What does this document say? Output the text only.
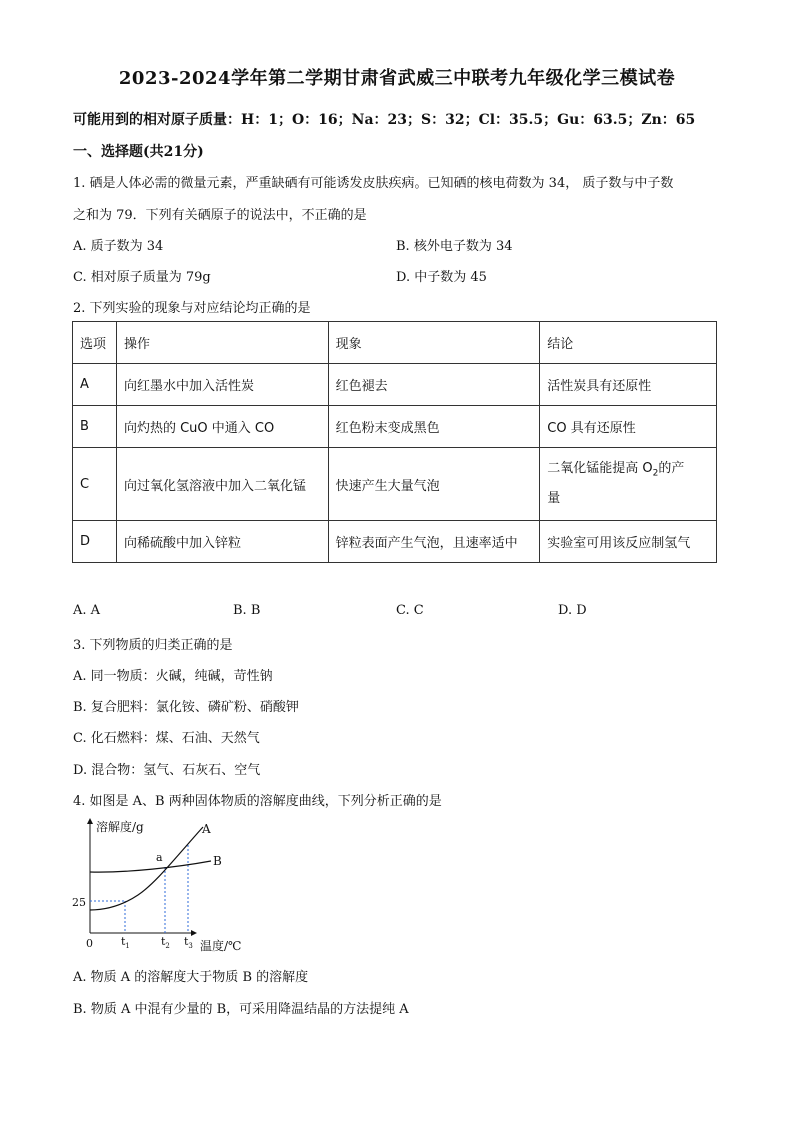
2023-2024学年第二学期甘肃省武威三中联考九年级化学三模试卷
可能用到的相对原子质量：H：1；O：16；Na：23；S：32；Cl：35.5；Gu：63.5；Zn：65
一、选择题(共21分)
1. 硒是人体必需的微量元素，严重缺硒有可能诱发皮肤疾病。已知硒的核电荷数为 34， 质子数与中子数
之和为 79．下列有关硒原子的说法中，不正确的是
A. 质子数为 34	B. 核外电子数为 34
C. 相对原子质量为 79g	D. 中子数为 45
2. 下列实验的现象与对应结论均正确的是
选项	操作	现象	结论
A	向红墨水中加入活性炭	红色褪去	活性炭具有还原性
B	向灼热的 CuO 中通入 CO	红色粉末变成黑色	CO 具有还原性
C	向过氧化氢溶液中加入二氧化锰	快速产生大量气泡	二氧化锰能提高 $O_2$的产
量
D	向稀硫酸中加入锌粒	锌粒表面产生气泡，且速率适中	实验室可用该反应制氢气
A. A	B. B	C. C	D. D
3. 下列物质的归类正确的是
A. 同一物质：火碱，纯碱，苛性钠
B. 复合肥料：氯化铵、磷矿粉、硝酸钾
C. 化石燃料：煤、石油、天然气
D. 混合物：氢气、石灰石、空气
4. 如图是 A、B 两种固体物质的溶解度曲线，下列分析正确的是
溶解度/g
温度/℃
0
25
$t_1$	$t_2$ $t_3$
a
A
B
A. 物质 A 的溶解度大于物质 B 的溶解度
B. 物质 A 中混有少量的 B，可采用降温结晶的方法提纯 A
